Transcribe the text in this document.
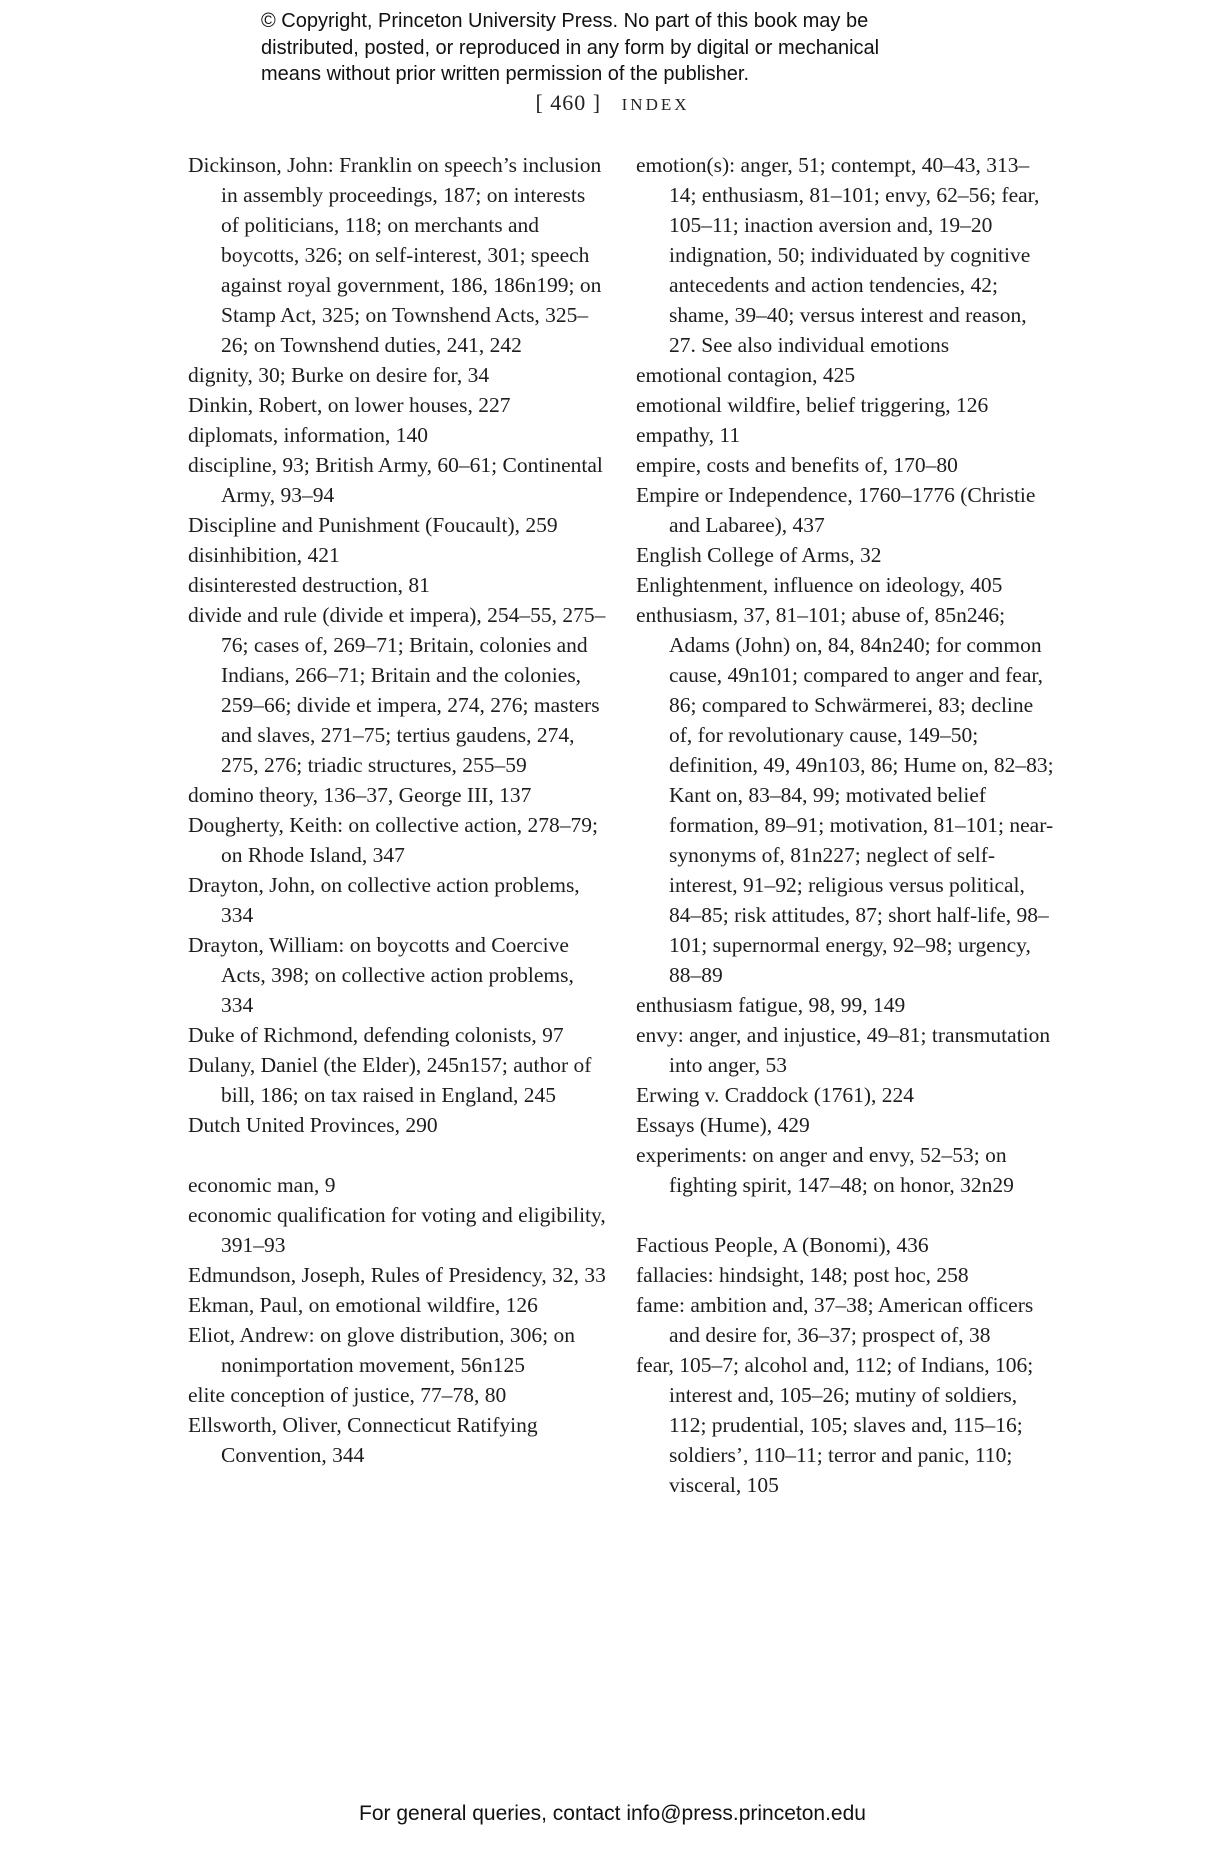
© Copyright, Princeton University Press. No part of this book may be
distributed, posted, or reproduced in any form by digital or mechanical
means without prior written permission of the publisher.
[ 460 ] INDEX

Dickinson, John: Franklin on speech’s inclusion in assembly proceedings, 187; on interests of politicians, 118; on merchants and boycotts, 326; on self-interest, 301; speech against royal government, 186, 186n199; on Stamp Act, 325; on Townshend Acts, 325–26; on Townshend duties, 241, 242

dignity, 30; Burke on desire for, 34

Dinkin, Robert, on lower houses, 227

diplomats, information, 140

discipline, 93; British Army, 60–61; Continental Army, 93–94

Discipline and Punishment (Foucault), 259

disinhibition, 421

disinterested destruction, 81

divide and rule (divide et impera), 254–55, 275–76; cases of, 269–71; Britain, colonies and Indians, 266–71; Britain and the colonies, 259–66; divide et impera, 274, 276; masters and slaves, 271–75; tertius gaudens, 274, 275, 276; triadic structures, 255–59

domino theory, 136–37, George III, 137

Dougherty, Keith: on collective action, 278–79; on Rhode Island, 347

Drayton, John, on collective action problems, 334

Drayton, William: on boycotts and Coercive Acts, 398; on collective action problems, 334

Duke of Richmond, defending colonists, 97

Dulany, Daniel (the Elder), 245n157; author of bill, 186; on tax raised in England, 245

Dutch United Provinces, 290

economic man, 9

economic qualification for voting and eligibility, 391–93

Edmundson, Joseph, Rules of Presidency, 32, 33

Ekman, Paul, on emotional wildfire, 126

Eliot, Andrew: on glove distribution, 306; on nonimportation movement, 56n125

elite conception of justice, 77–78, 80

Ellsworth, Oliver, Connecticut Ratifying Convention, 344

emotion(s): anger, 51; contempt, 40–43, 313–14; enthusiasm, 81–101; envy, 62–56; fear, 105–11; inaction aversion and, 19–20 indignation, 50; individuated by cognitive antecedents and action tendencies, 42; shame, 39–40; versus interest and reason, 27. See also individual emotions

emotional contagion, 425

emotional wildfire, belief triggering, 126

empathy, 11

empire, costs and benefits of, 170–80

Empire or Independence, 1760–1776 (Christie and Labaree), 437

English College of Arms, 32

Enlightenment, influence on ideology, 405

enthusiasm, 37, 81–101; abuse of, 85n246; Adams (John) on, 84, 84n240; for common cause, 49n101; compared to anger and fear, 86; compared to Schwärmerei, 83; decline of, for revolutionary cause, 149–50; definition, 49, 49n103, 86; Hume on, 82–83; Kant on, 83–84, 99; motivated belief formation, 89–91; motivation, 81–101; near-synonyms of, 81n227; neglect of self-interest, 91–92; religious versus political, 84–85; risk attitudes, 87; short half-life, 98–101; supernormal energy, 92–98; urgency, 88–89

enthusiasm fatigue, 98, 99, 149

envy: anger, and injustice, 49–81; transmutation into anger, 53

Erwing v. Craddock (1761), 224

Essays (Hume), 429

experiments: on anger and envy, 52–53; on fighting spirit, 147–48; on honor, 32n29

Factious People, A (Bonomi), 436

fallacies: hindsight, 148; post hoc, 258

fame: ambition and, 37–38; American officers and desire for, 36–37; prospect of, 38

fear, 105–7; alcohol and, 112; of Indians, 106; interest and, 105–26; mutiny of soldiers, 112; prudential, 105; slaves and, 115–16; soldiers’, 110–11; terror and panic, 110; visceral, 105

For general queries, contact info@press.princeton.edu
